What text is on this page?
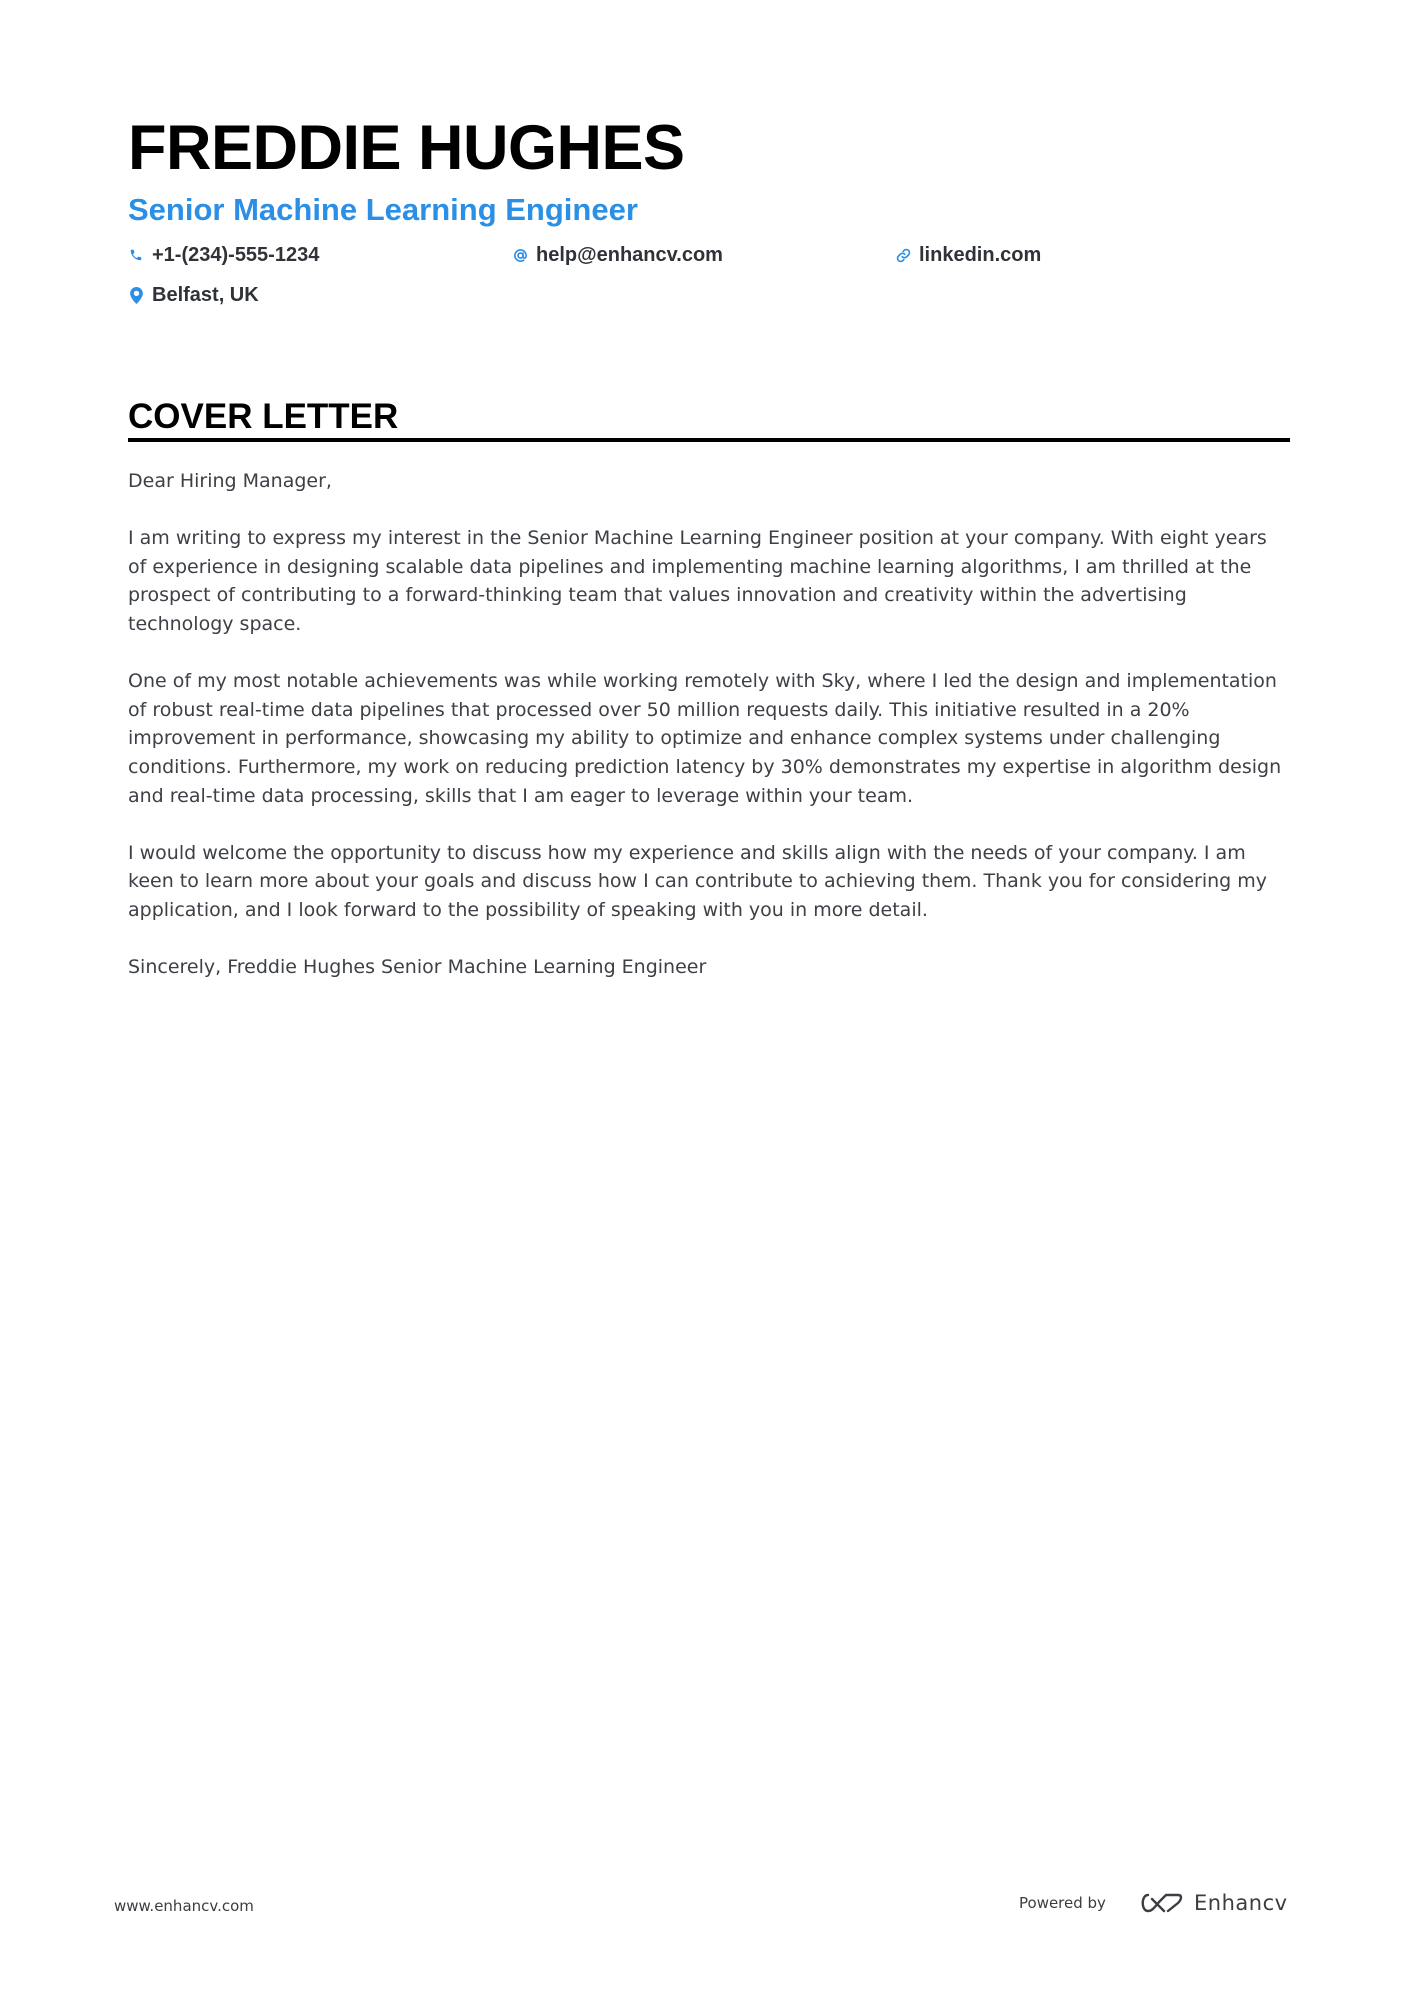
FREDDIE HUGHES
Senior Machine Learning Engineer
+1-(234)-555-1234	help@enhancv.com	linkedin.com
Belfast, UK
COVER LETTER

Dear Hiring Manager,

I am writing to express my interest in the Senior Machine Learning Engineer position at your company. With eight years of experience in designing scalable data pipelines and implementing machine learning algorithms, I am thrilled at the prospect of contributing to a forward-thinking team that values innovation and creativity within the advertising technology space.

One of my most notable achievements was while working remotely with Sky, where I led the design and implementation of robust real-time data pipelines that processed over 50 million requests daily. This initiative resulted in a 20% improvement in performance, showcasing my ability to optimize and enhance complex systems under challenging conditions. Furthermore, my work on reducing prediction latency by 30% demonstrates my expertise in algorithm design and real-time data processing, skills that I am eager to leverage within your team.

I would welcome the opportunity to discuss how my experience and skills align with the needs of your company. I am keen to learn more about your goals and discuss how I can contribute to achieving them. Thank you for considering my application, and I look forward to the possibility of speaking with you in more detail.

Sincerely, Freddie Hughes Senior Machine Learning Engineer

www.enhancv.com	Powered by	Enhancv
